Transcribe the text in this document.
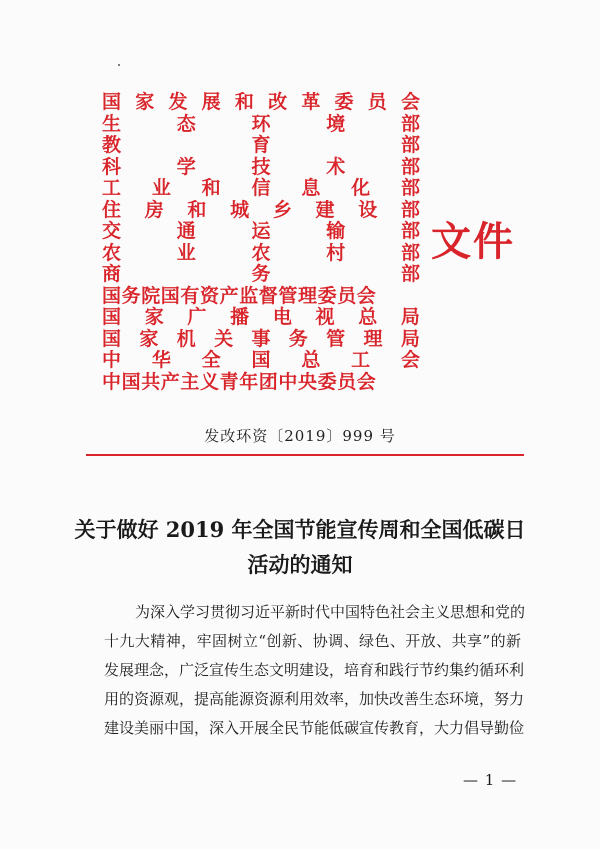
国 家 发 展 和 改 革 委 员 会
生	态	环	境	部
教	育	部
科	学	技	术	部
工 业 和 信 息 化 部
住 房 和 城 乡 建 设 部
交	通	运	输	部
农	业	农	村	部
商	务	部
国务院国有资产监督管理委员会
国 家 广 播 电 视 总 局
国 家 机 关 事 务 管 理 局
中 华 全 国 总 工 会
中国共产主义青年团中央委员会
文件
发改环资〔2019〕999 号
关于做好 2019 年全国节能宣传周和全国低碳日
活动的通知
为深入学习贯彻习近平新时代中国特色社会主义思想和党的
十九大精神，牢固树立“创新、协调、绿色、开放、共享”的新
发展理念，广泛宣传生态文明建设，培育和践行节约集约循环利
用的资源观，提高能源资源利用效率，加快改善生态环境，努力
建设美丽中国，深入开展全民节能低碳宣传教育，大力倡导勤俭
— 1 —
